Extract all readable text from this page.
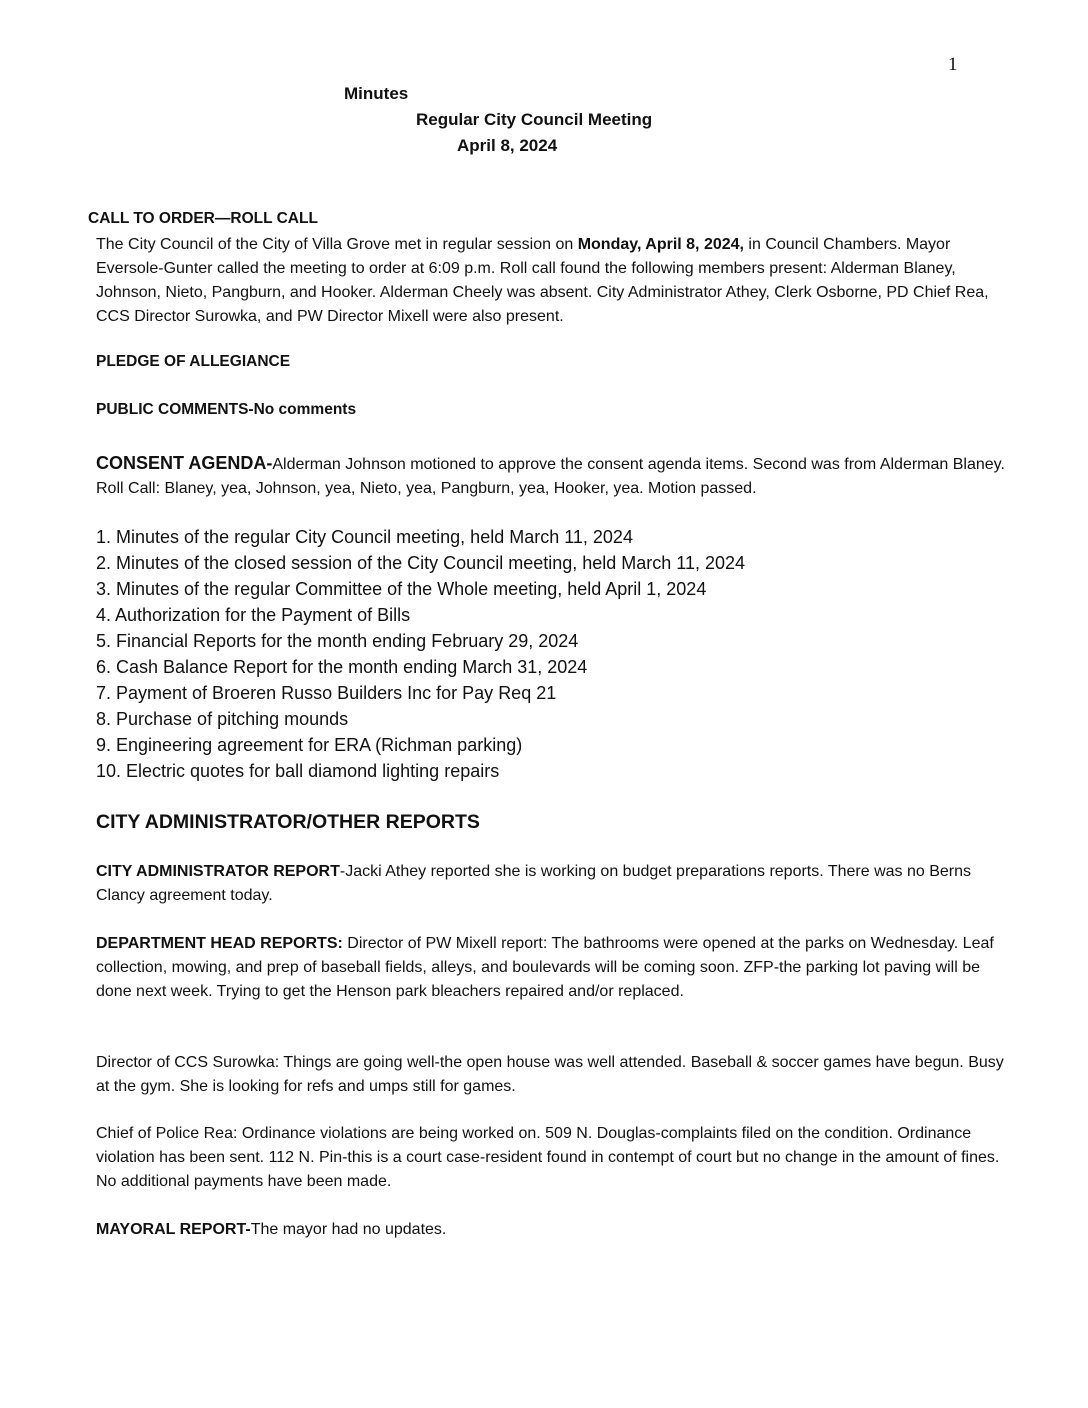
1
Minutes
Regular City Council Meeting
April 8, 2024
CALL TO ORDER—ROLL CALL
The City Council of the City of Villa Grove met in regular session on Monday, April 8, 2024, in Council Chambers. Mayor Eversole-Gunter called the meeting to order at 6:09 p.m. Roll call found the following members present: Alderman Blaney, Johnson, Nieto, Pangburn, and Hooker. Alderman Cheely was absent. City Administrator Athey, Clerk Osborne, PD Chief Rea, CCS Director Surowka, and PW Director Mixell were also present.
PLEDGE OF ALLEGIANCE
PUBLIC COMMENTS-No comments
CONSENT AGENDA-Alderman Johnson motioned to approve the consent agenda items. Second was from Alderman Blaney. Roll Call: Blaney, yea, Johnson, yea, Nieto, yea, Pangburn, yea, Hooker, yea. Motion passed.
1. Minutes of the regular City Council meeting, held March 11, 2024
2. Minutes of the closed session of the City Council meeting, held March 11, 2024
3. Minutes of the regular Committee of the Whole meeting, held April 1, 2024
4. Authorization for the Payment of Bills
5. Financial Reports for the month ending February 29, 2024
6. Cash Balance Report for the month ending March 31, 2024
7. Payment of Broeren Russo Builders Inc for Pay Req 21
8. Purchase of pitching mounds
9. Engineering agreement for ERA (Richman parking)
10. Electric quotes for ball diamond lighting repairs
CITY ADMINISTRATOR/OTHER REPORTS
CITY ADMINISTRATOR REPORT-Jacki Athey reported she is working on budget preparations reports. There was no Berns Clancy agreement today.
DEPARTMENT HEAD REPORTS: Director of PW Mixell report: The bathrooms were opened at the parks on Wednesday. Leaf collection, mowing, and prep of baseball fields, alleys, and boulevards will be coming soon. ZFP-the parking lot paving will be done next week. Trying to get the Henson park bleachers repaired and/or replaced.
Director of CCS Surowka: Things are going well-the open house was well attended. Baseball & soccer games have begun. Busy at the gym. She is looking for refs and umps still for games.
Chief of Police Rea: Ordinance violations are being worked on. 509 N. Douglas-complaints filed on the condition. Ordinance violation has been sent. 112 N. Pin-this is a court case-resident found in contempt of court but no change in the amount of fines. No additional payments have been made.
MAYORAL REPORT-The mayor had no updates.
